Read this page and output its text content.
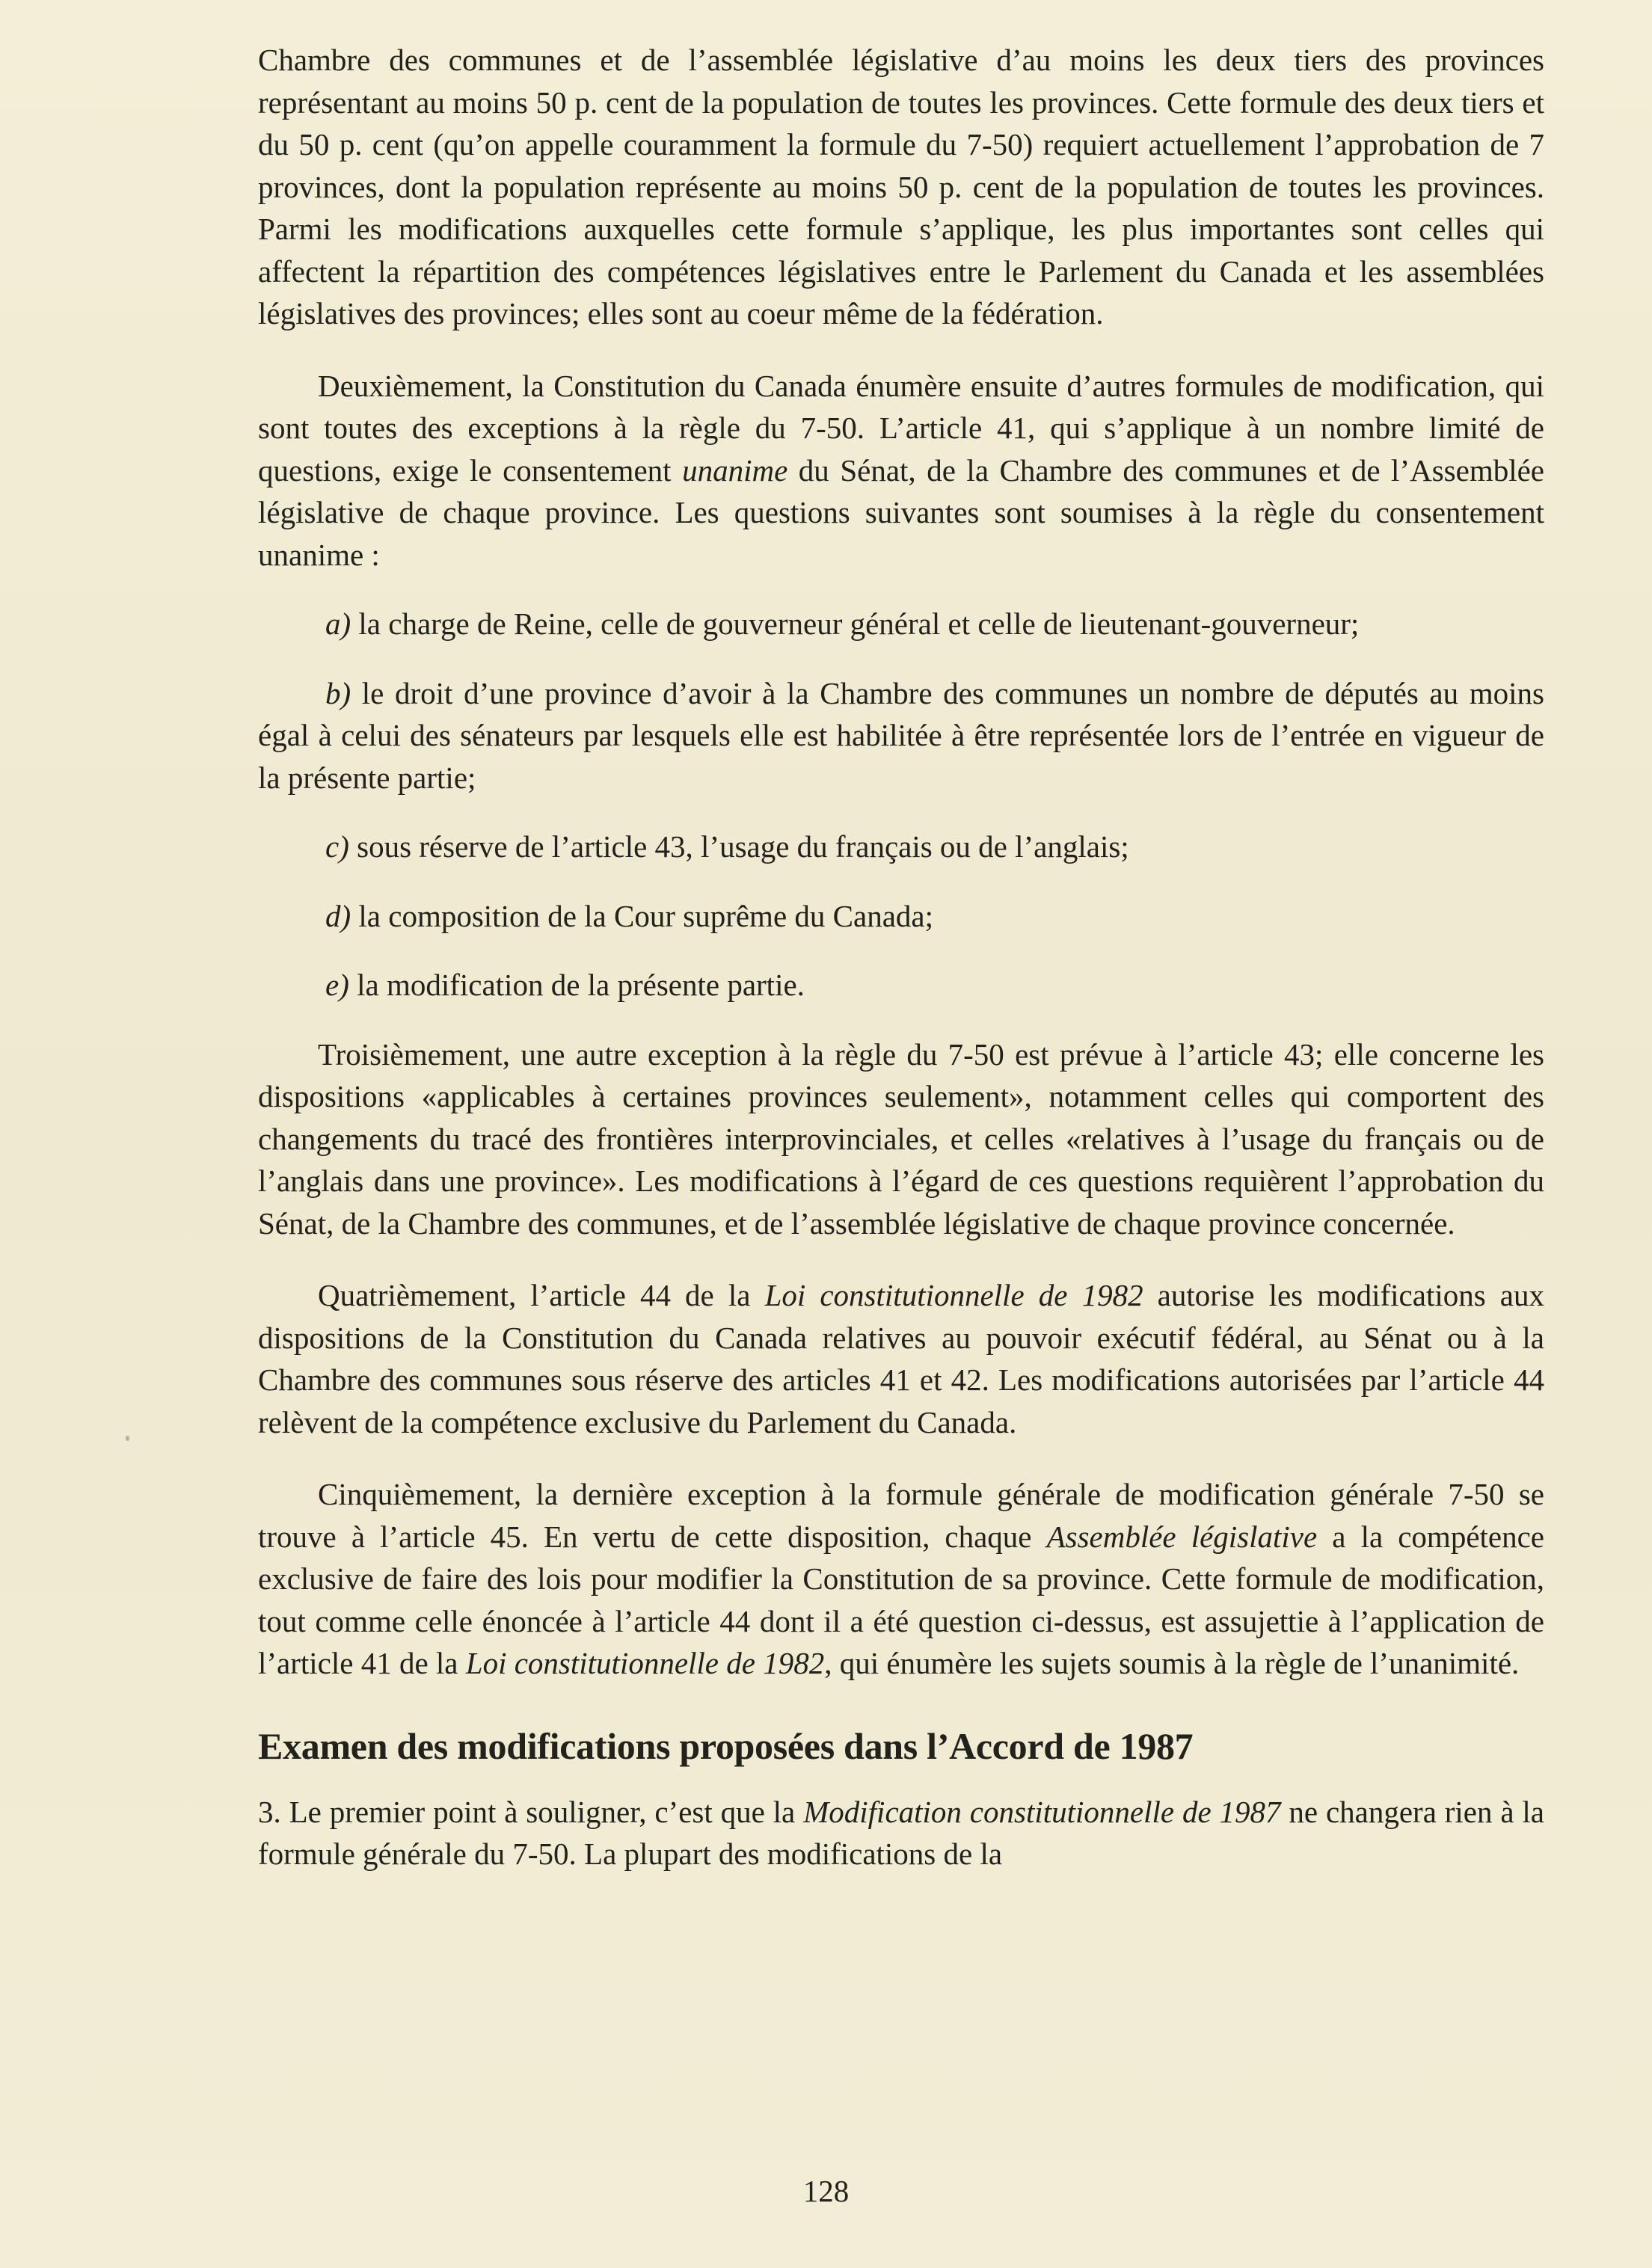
Chambre des communes et de l’assemblée législative d’au moins les deux tiers des provinces représentant au moins 50 p. cent de la population de toutes les provinces. Cette formule des deux tiers et du 50 p. cent (qu’on appelle couramment la formule du 7-50) requiert actuellement l’approbation de 7 provinces, dont la population représente au moins 50 p. cent de la population de toutes les provinces. Parmi les modifications auxquelles cette formule s’applique, les plus importantes sont celles qui affectent la répartition des compétences législatives entre le Parlement du Canada et les assemblées législatives des provinces; elles sont au coeur même de la fédération.

Deuxièmement, la Constitution du Canada énumère ensuite d’autres formules de modification, qui sont toutes des exceptions à la règle du 7-50. L’article 41, qui s’applique à un nombre limité de questions, exige le consentement unanime du Sénat, de la Chambre des communes et de l’Assemblée législative de chaque province. Les questions suivantes sont soumises à la règle du consentement unanime :

a) la charge de Reine, celle de gouverneur général et celle de lieutenant-gouverneur;

b) le droit d’une province d’avoir à la Chambre des communes un nombre de députés au moins égal à celui des sénateurs par lesquels elle est habilitée à être représentée lors de l’entrée en vigueur de la présente partie;

c) sous réserve de l’article 43, l’usage du français ou de l’anglais;

d) la composition de la Cour suprême du Canada;

e) la modification de la présente partie.

Troisièmement, une autre exception à la règle du 7-50 est prévue à l’article 43; elle concerne les dispositions «applicables à certaines provinces seulement», notamment celles qui comportent des changements du tracé des frontières interprovinciales, et celles «relatives à l’usage du français ou de l’anglais dans une province». Les modifications à l’égard de ces questions requièrent l’approbation du Sénat, de la Chambre des communes, et de l’assemblée législative de chaque province concernée.

Quatrièmement, l’article 44 de la Loi constitutionnelle de 1982 autorise les modifications aux dispositions de la Constitution du Canada relatives au pouvoir exécutif fédéral, au Sénat ou à la Chambre des communes sous réserve des articles 41 et 42. Les modifications autorisées par l’article 44 relèvent de la compétence exclusive du Parlement du Canada.

Cinquièmement, la dernière exception à la formule générale de modification générale 7-50 se trouve à l’article 45. En vertu de cette disposition, chaque Assemblée législative a la compétence exclusive de faire des lois pour modifier la Constitution de sa province. Cette formule de modification, tout comme celle énoncée à l’article 44 dont il a été question ci-dessus, est assujettie à l’application de l’article 41 de la Loi constitutionnelle de 1982, qui énumère les sujets soumis à la règle de l’unanimité.

Examen des modifications proposées dans l’Accord de 1987

3. Le premier point à souligner, c’est que la Modification constitutionnelle de 1987 ne changera rien à la formule générale du 7-50. La plupart des modifications de la

128
